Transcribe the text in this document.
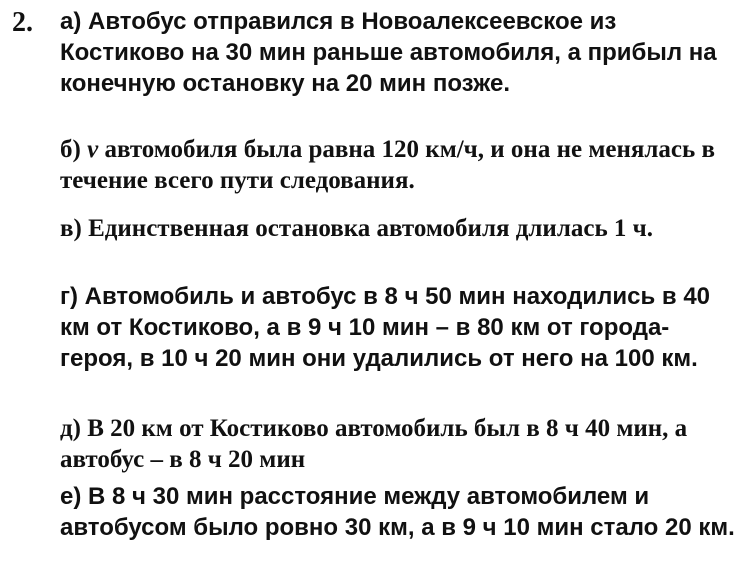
2. а) Автобус отправился в Новоалексеевское из Костиково на 30 мин раньше автомобиля, а прибыл на конечную остановку на 20 мин позже.

б) v автомобиля была равна 120 км/ч, и она не менялась в течение всего пути следования.

в) Единственная остановка автомобиля длилась 1 ч.

г) Автомобиль и автобус в 8 ч 50 мин находились в 40 км от Костиково, а в 9 ч 10 мин – в 80 км от города-героя, в 10 ч 20 мин они удалились от него на 100 км.

д) В 20 км от Костиково автомобиль был в 8 ч 40 мин, а автобус – в 8 ч 20 мин

е) В 8 ч 30 мин расстояние между автомобилем и автобусом было ровно 30 км, а в 9 ч 10 мин стало 20 км.
